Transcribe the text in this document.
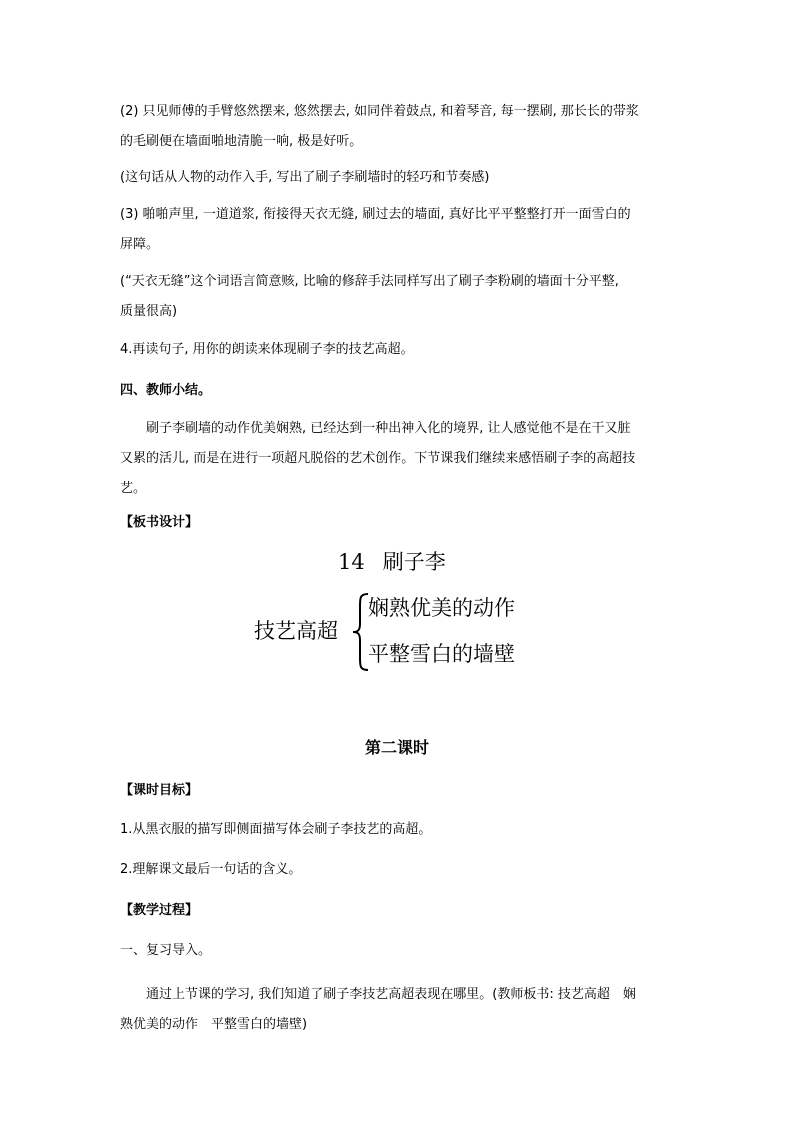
(2) 只见师傅的手臂悠然摆来, 悠然摆去, 如同伴着鼓点, 和着琴音, 每一摆刷, 那长长的带浆
的毛刷便在墙面啪地清脆一响, 极是好听。
(这句话从人物的动作入手, 写出了刷子李刷墙时的轻巧和节奏感)
(3) 啪啪声里, 一道道浆, 衔接得天衣无缝, 刷过去的墙面, 真好比平平整整打开一面雪白的
屏障。
(“天衣无缝”这个词语言简意赅, 比喻的修辞手法同样写出了刷子李粉刷的墙面十分平整,
质量很高)
4.再读句子, 用你的朗读来体现刷子李的技艺高超。
四、教师小结。
刷子李刷墙的动作优美娴熟, 已经达到一种出神入化的境界, 让人感觉他不是在干又脏
又累的活儿, 而是在进行一项超凡脱俗的艺术创作。下节课我们继续来感悟刷子李的高超技
艺。
【板书设计】
14 刷子李
技艺高超
娴熟优美的动作
平整雪白的墙壁
第二课时
【课时目标】
1.从黑衣服的描写即侧面描写体会刷子李技艺的高超。
2.理解课文最后一句话的含义。
【教学过程】
一、复习导入。
通过上节课的学习, 我们知道了刷子李技艺高超表现在哪里。(教师板书: 技艺高超　娴
熟优美的动作　平整雪白的墙壁)
